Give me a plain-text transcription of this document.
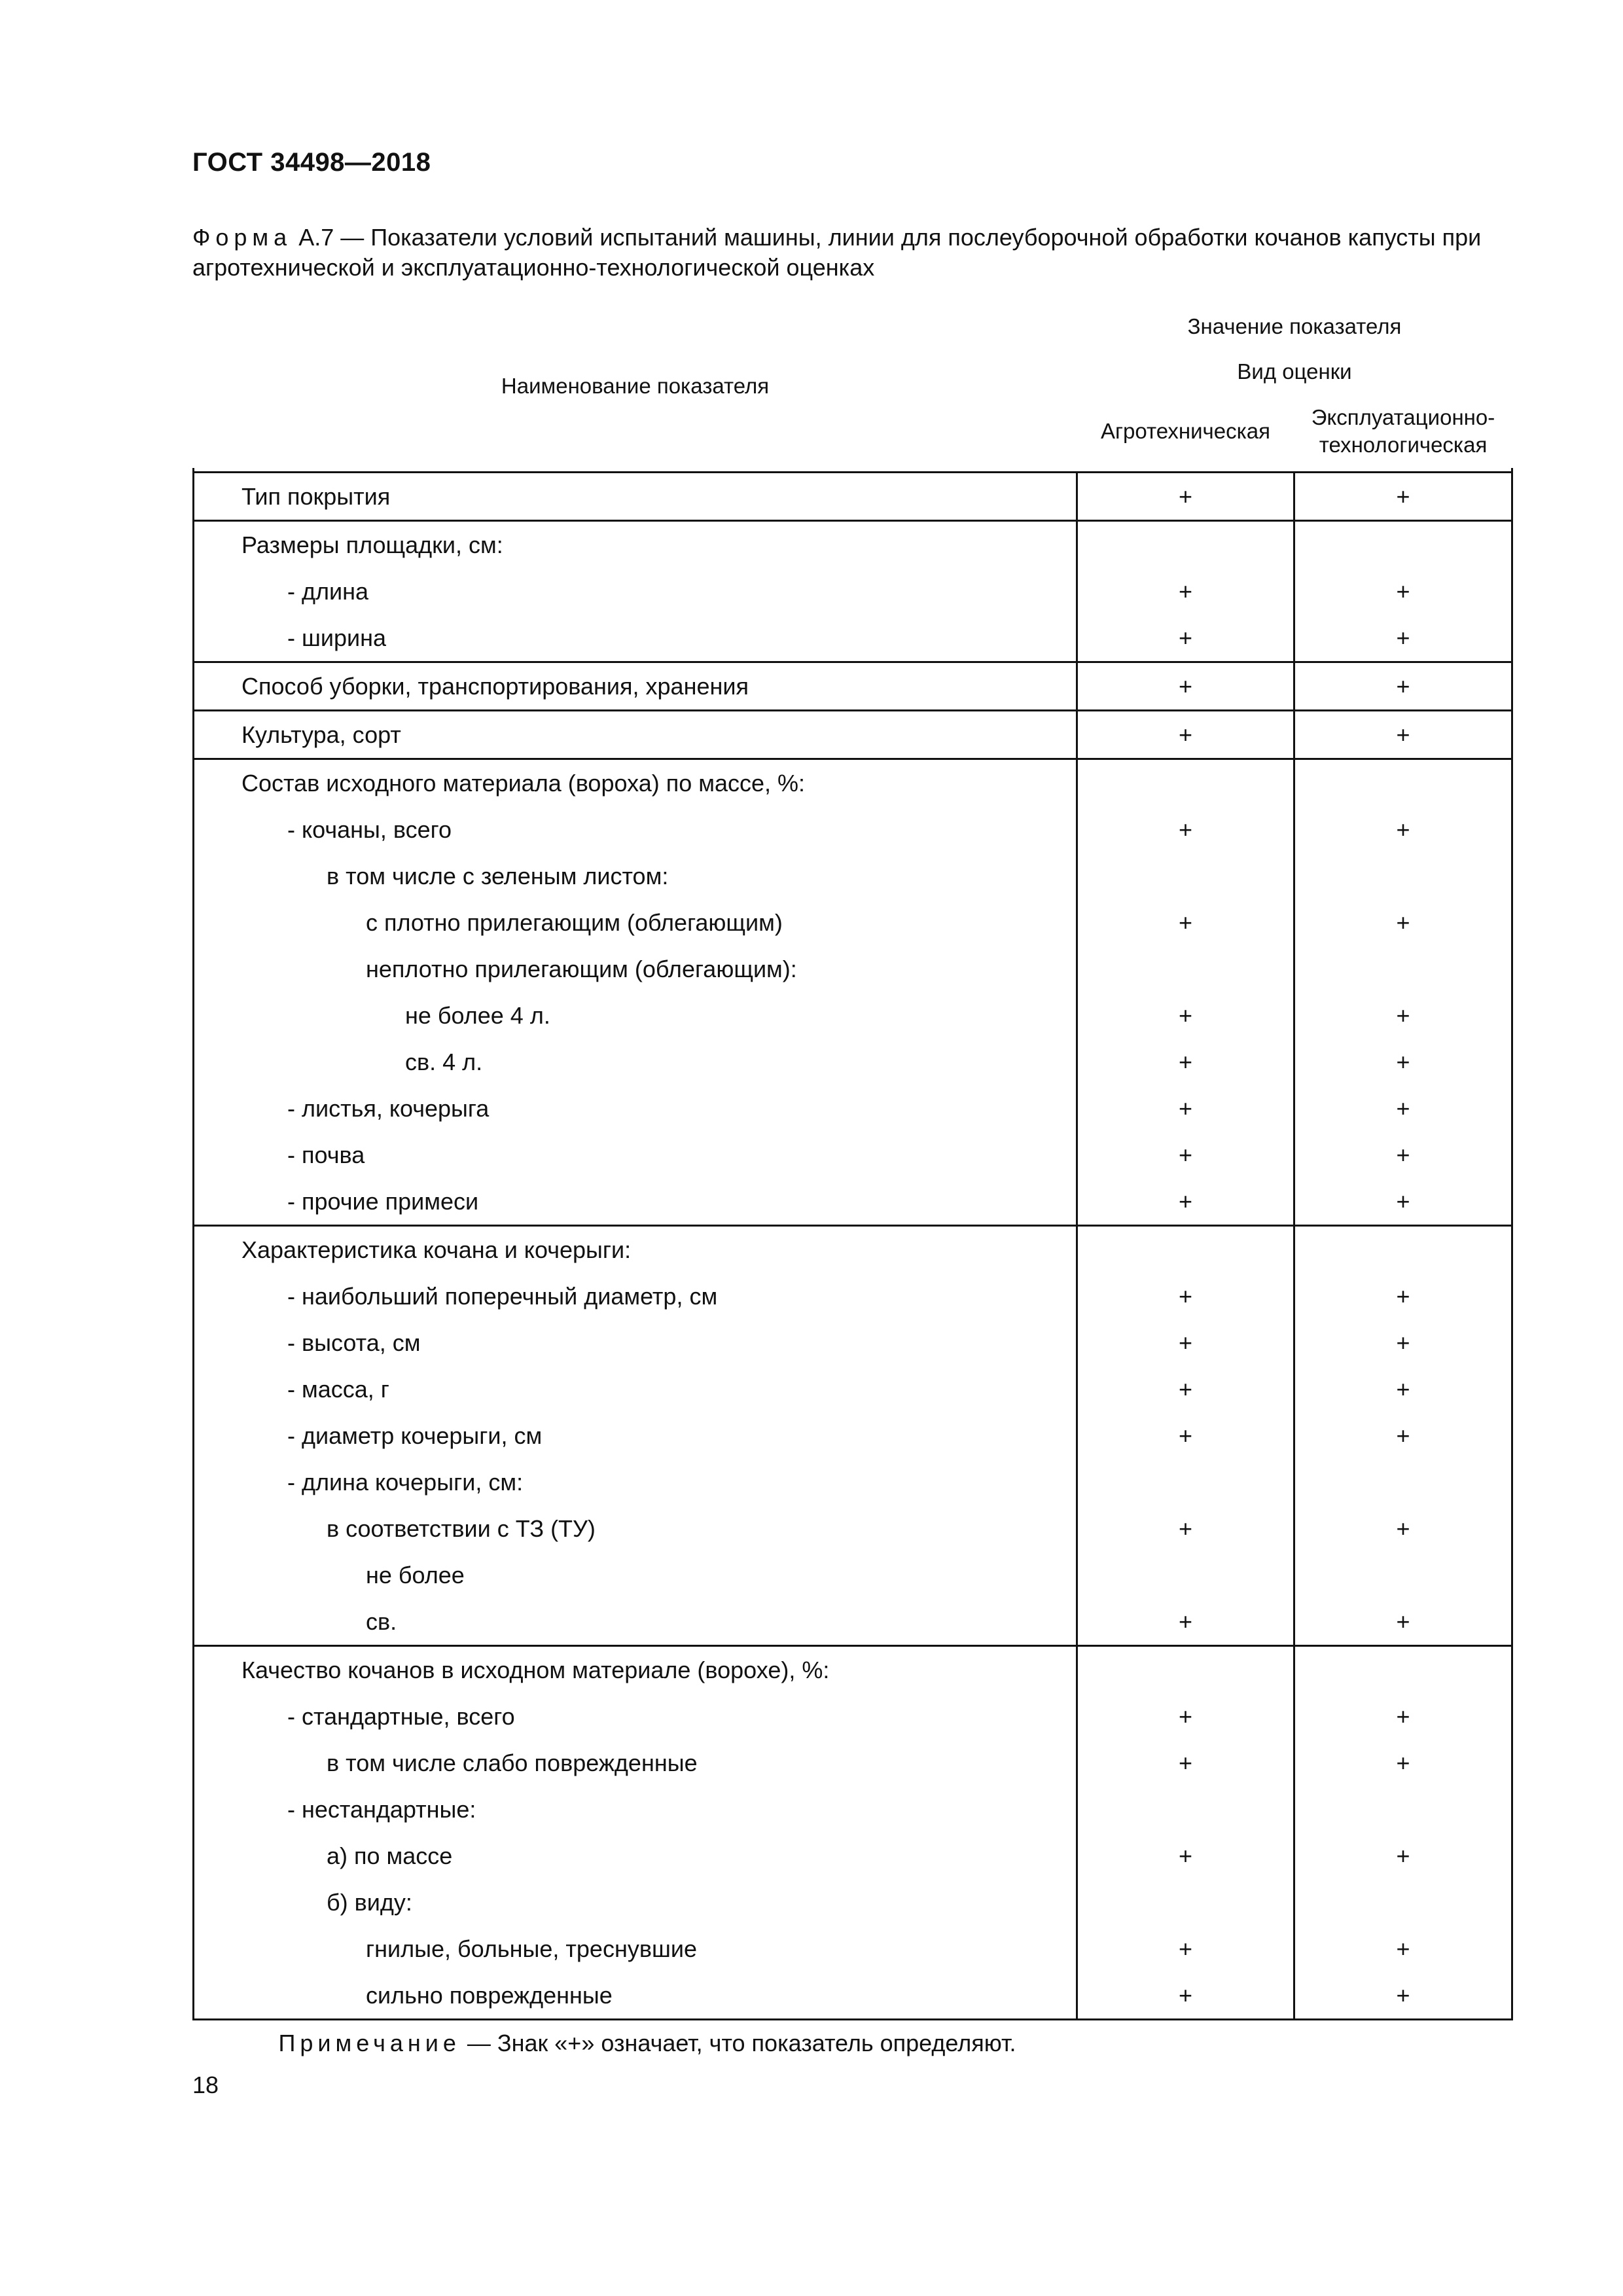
ГОСТ 34498—2018
Форма А.7 — Показатели условий испытаний машины, линии для послеуборочной обработки кочанов капусты при агротехнической и эксплуатационно-технологической оценках
Наименование показателя	Значение показателя	
	Вид оценки	
	Агротехническая	Эксплуатационно-
технологическая

Тип покрытия	+	+
Размеры площадки, см:		
- длина	+	+
- ширина	+	+
Способ уборки, транспортирования, хранения	+	+
Культура, сорт	+	+
Состав исходного материала (вороха) по массе, %:		
- кочаны, всего	+	+
в том числе с зеленым листом:		
с плотно прилегающим (облегающим)	+	+
неплотно прилегающим (облегающим):		
не более 4 л.	+	+
св. 4 л.	+	+
- листья, кочерыга	+	+
- почва	+	+
- прочие примеси	+	+
Характеристика кочана и кочерыги:		
- наибольший поперечный диаметр, см	+	+
- высота, см	+	+
- масса, г	+	+
- диаметр кочерыги, см	+	+
- длина кочерыги, см:		
в соответствии с ТЗ (ТУ)	+	+
не более		
св.	+	+
Качество кочанов в исходном материале (ворохе), %:		
- стандартные, всего	+	+
в том числе слабо поврежденные	+	+
- нестандартные:		
а) по массе	+	+
б) виду:		
гнилые, больные, треснувшие	+	+
сильно поврежденные	+	+
Примечание — Знак «+» означает, что показатель определяют.		
18
